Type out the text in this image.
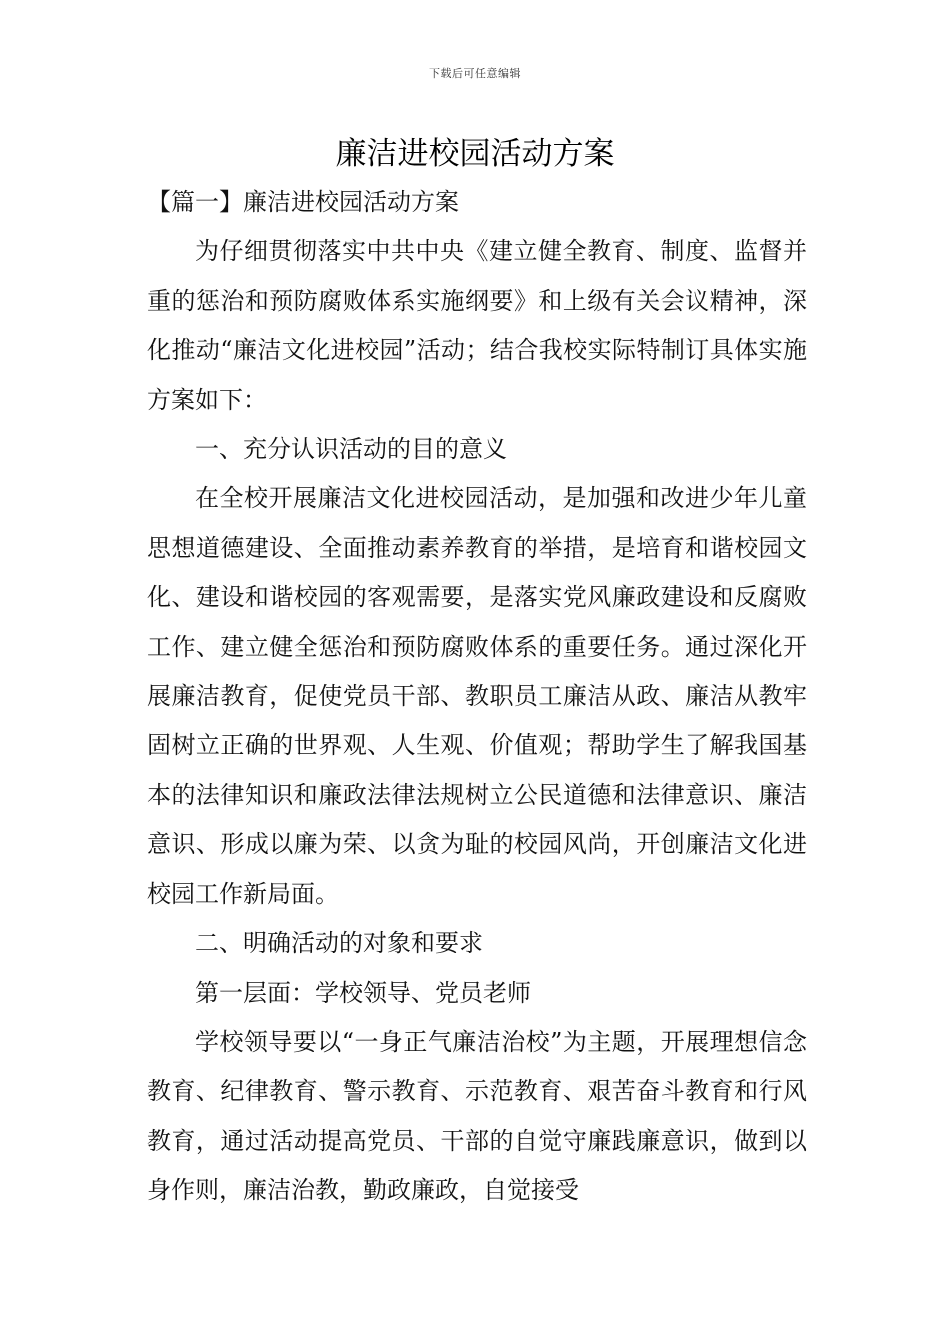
下载后可任意编辑
廉洁进校园活动方案

【篇一】廉洁进校园活动方案

为仔细贯彻落实中共中央《建立健全教育、制度、监督并重的惩治和预防腐败体系实施纲要》和上级有关会议精神，深化推动“廉洁文化进校园”活动；结合我校实际特制订具体实施方案如下：

一、充分认识活动的目的意义

在全校开展廉洁文化进校园活动，是加强和改进少年儿童思想道德建设、全面推动素养教育的举措，是培育和谐校园文化、建设和谐校园的客观需要，是落实党风廉政建设和反腐败工作、建立健全惩治和预防腐败体系的重要任务。通过深化开展廉洁教育，促使党员干部、教职员工廉洁从政、廉洁从教牢固树立正确的世界观、人生观、价值观；帮助学生了解我国基本的法律知识和廉政法律法规树立公民道德和法律意识、廉洁意识、形成以廉为荣、以贪为耻的校园风尚，开创廉洁文化进校园工作新局面。

二、明确活动的对象和要求

第一层面：学校领导、党员老师

学校领导要以“一身正气廉洁治校”为主题，开展理想信念教育、纪律教育、警示教育、示范教育、艰苦奋斗教育和行风教育，通过活动提高党员、干部的自觉守廉践廉意识，做到以身作则，廉洁治教，勤政廉政，自觉接受
